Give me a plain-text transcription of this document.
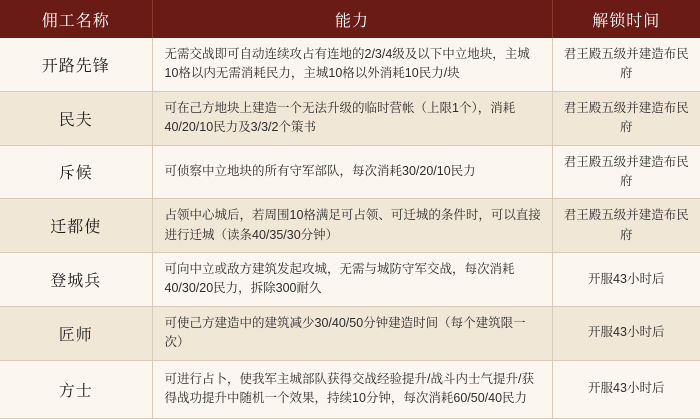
佣工名称	能力	解锁时间
开路先锋	无需交战即可自动连续攻占有连地的2/3/4级及以下中立地块，主城10格以内无需消耗民力，主城10格以外消耗10民力/块	君王殿五级并建造布民府
民夫	可在己方地块上建造一个无法升级的临时营帐（上限1个），消耗40/20/10民力及3/3/2个策书	君王殿五级并建造布民府
斥候	可侦察中立地块的所有守军部队，每次消耗30/20/10民力	君王殿五级并建造布民府
迁都使	占领中心城后，若周围10格满足可占领、可迁城的条件时，可以直接进行迁城（读条40/35/30分钟）	君王殿五级并建造布民府
登城兵	可向中立或敌方建筑发起攻城，无需与城防守军交战，每次消耗40/30/20民力，拆除300耐久	开服43小时后
匠师	可使己方建造中的建筑减少30/40/50分钟建造时间（每个建筑限一次）	开服43小时后
方士	可进行占卜，使我军主城部队获得交战经验提升/战斗内士气提升/获得战功提升中随机一个效果，持续10分钟，每次消耗60/50/40民力	开服43小时后
